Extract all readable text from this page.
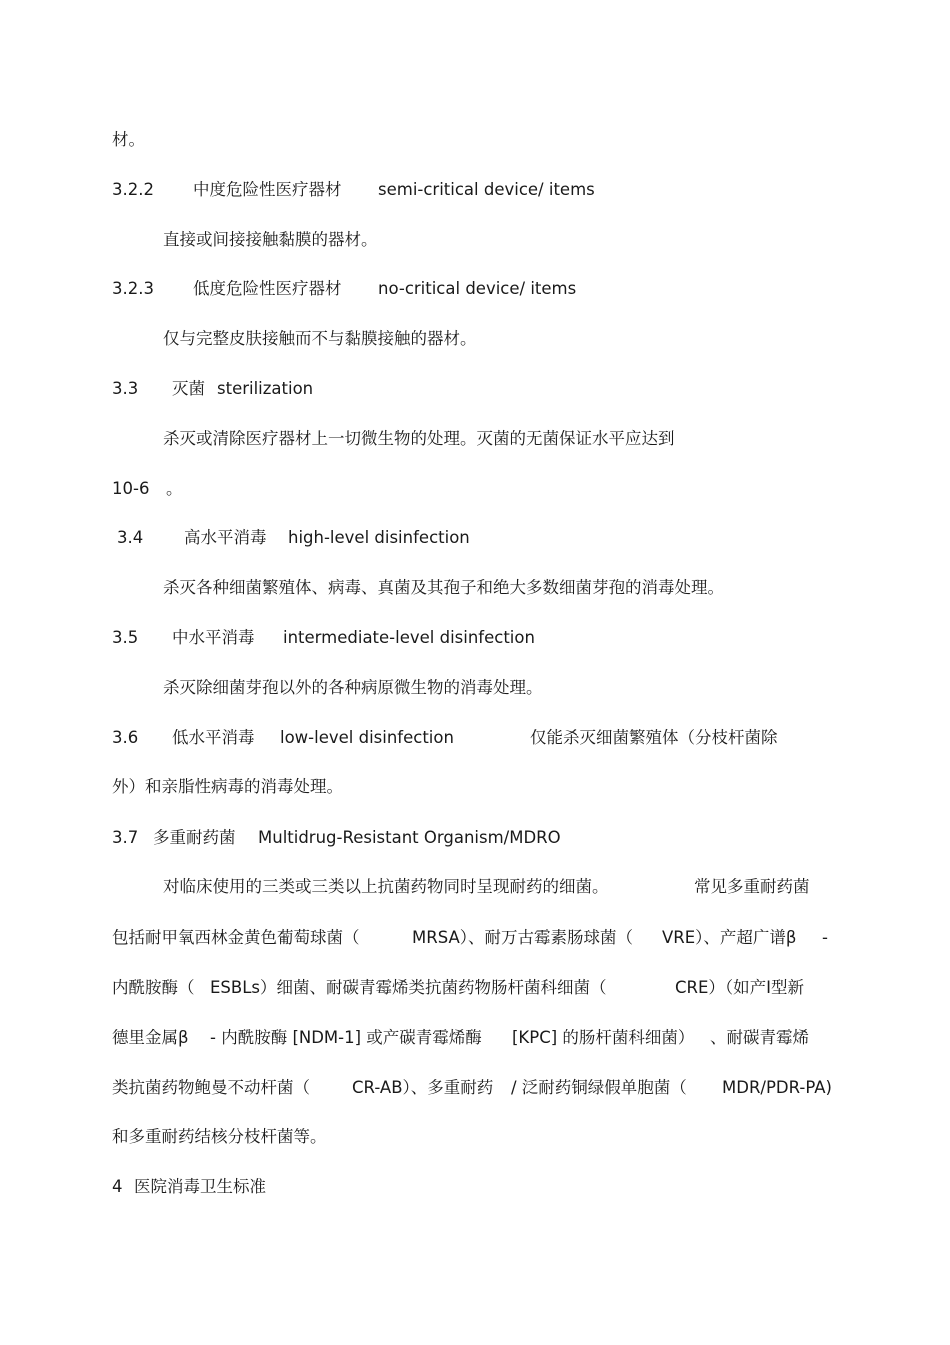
材。
3.2.2 中度危险性医疗器材 semi-critical device/ items
直接或间接接触黏膜的器材。
3.2.3 低度危险性医疗器材 no-critical device/ items
仅与完整皮肤接触而不与黏膜接触的器材。
3.3 灭菌 sterilization
杀灭或清除医疗器材上一切微生物的处理。灭菌的无菌保证水平应达到
10-6　。
3.4 高水平消毒 high-level disinfection
杀灭各种细菌繁殖体、病毒、真菌及其孢子和绝大多数细菌芽孢的消毒处理。
3.5 中水平消毒 intermediate-level disinfection
杀灭除细菌芽孢以外的各种病原微生物的消毒处理。
3.6 低水平消毒 low-level disinfection	仅能杀灭细菌繁殖体（分枝杆菌除
外）和亲脂性病毒的消毒处理。
3.7 多重耐药菌 Multidrug-Resistant Organism/MDRO
对临床使用的三类或三类以上抗菌药物同时呈现耐药的细菌。	常见多重耐药菌
包括耐甲氧西林金黄色葡萄球菌（	MRSA）、耐万古霉素肠球菌（ VRE）、产超广谱β -
内酰胺酶（ ESBLs）细菌、耐碳青霉烯类抗菌药物肠杆菌科细菌（	CRE）（如产Ⅰ型新
德里金属β - 内酰胺酶 [NDM-1] 或产碳青霉烯酶 [KPC] 的肠杆菌科细菌） 、耐碳青霉烯
类抗菌药物鲍曼不动杆菌（	CR-AB）、多重耐药 / 泛耐药铜绿假单胞菌（ MDR/PDR-PA)
和多重耐药结核分枝杆菌等。
4 医院消毒卫生标准
